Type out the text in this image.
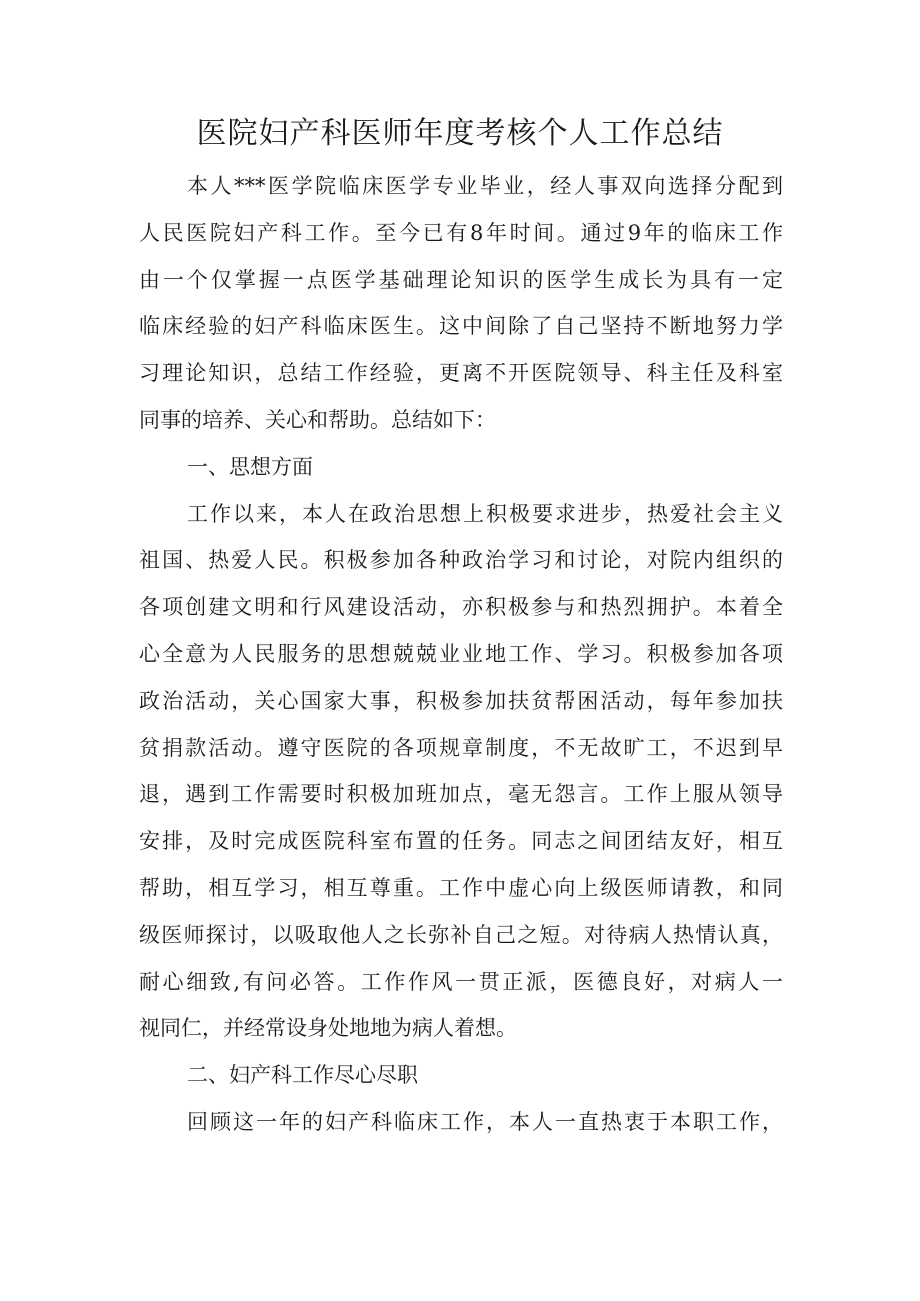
医院妇产科医师年度考核个人工作总结
本人***医学院临床医学专业毕业，经人事双向选择分配到
人民医院妇产科工作。至今已有8年时间。通过9年的临床工作
由一个仅掌握一点医学基础理论知识的医学生成长为具有一定
临床经验的妇产科临床医生。这中间除了自己坚持不断地努力学
习理论知识，总结工作经验，更离不开医院领导、科主任及科室
同事的培养、关心和帮助。总结如下：
一、思想方面
工作以来，本人在政治思想上积极要求进步，热爱社会主义
祖国、热爱人民。积极参加各种政治学习和讨论，对院内组织的
各项创建文明和行风建设活动，亦积极参与和热烈拥护。本着全
心全意为人民服务的思想兢兢业业地工作、学习。积极参加各项
政治活动，关心国家大事，积极参加扶贫帮困活动，每年参加扶
贫捐款活动。遵守医院的各项规章制度，不无故旷工，不迟到早
退，遇到工作需要时积极加班加点，毫无怨言。工作上服从领导
安排，及时完成医院科室布置的任务。同志之间团结友好，相互
帮助，相互学习，相互尊重。工作中虚心向上级医师请教，和同
级医师探讨，以吸取他人之长弥补自己之短。对待病人热情认真，
耐心细致,有问必答。工作作风一贯正派，医德良好，对病人一
视同仁，并经常设身处地地为病人着想。
二、妇产科工作尽心尽职
回顾这一年的妇产科临床工作，本人一直热衷于本职工作，
